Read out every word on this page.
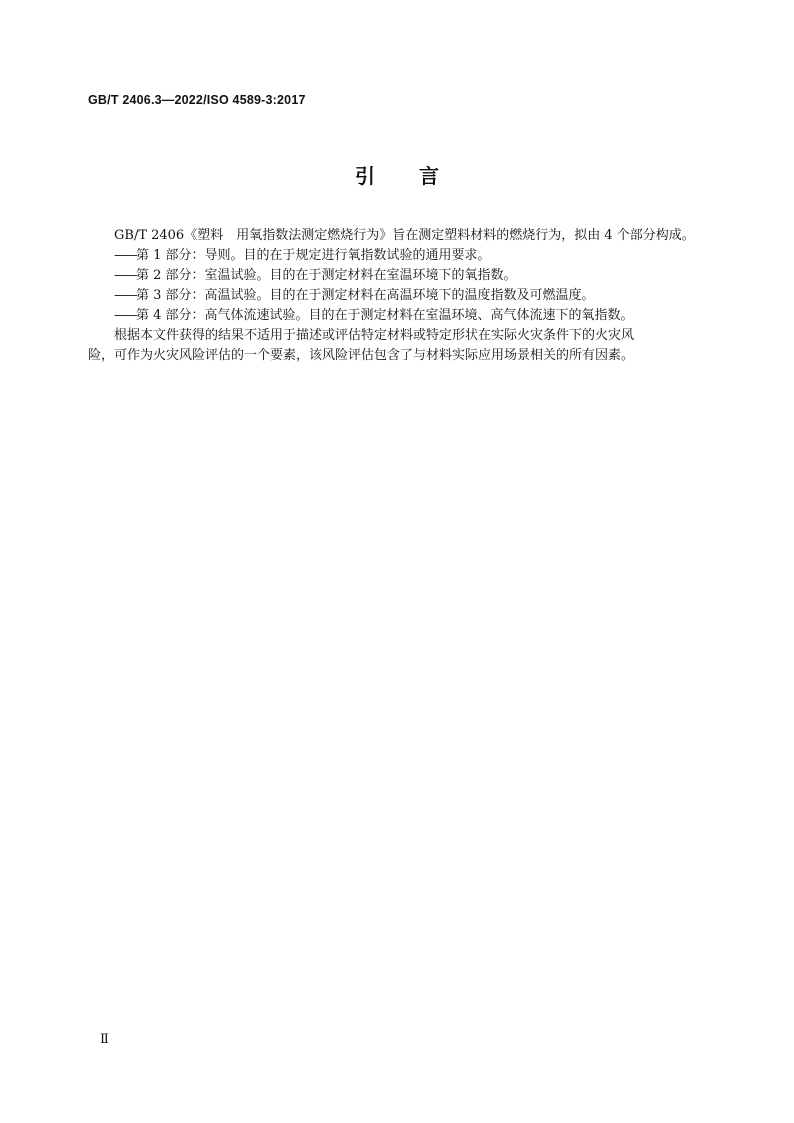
GB/T 2406.3—2022/ISO 4589-3:2017
引 言

GB/T 2406《塑料　用氧指数法测定燃烧行为》旨在测定塑料材料的燃烧行为，拟由 4 个部分构成。

——第 1 部分：导则。目的在于规定进行氧指数试验的通用要求。

——第 2 部分：室温试验。目的在于测定材料在室温环境下的氧指数。

——第 3 部分：高温试验。目的在于测定材料在高温环境下的温度指数及可燃温度。

——第 4 部分：高气体流速试验。目的在于测定材料在室温环境、高气体流速下的氧指数。

根据本文件获得的结果不适用于描述或评估特定材料或特定形状在实际火灾条件下的火灾风

险，可作为火灾风险评估的一个要素，该风险评估包含了与材料实际应用场景相关的所有因素。

Ⅱ
